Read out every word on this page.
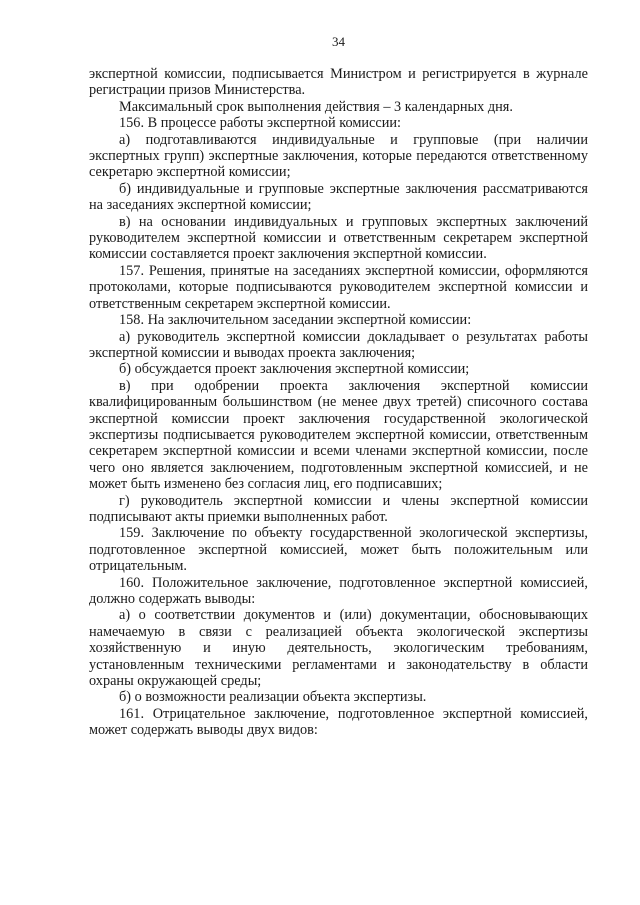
34

экспертной комиссии, подписывается Министром и регистрируется в журнале регистрации призов Министерства.

Максимальный срок выполнения действия – 3 календарных дня.

156. В процессе работы экспертной комиссии:

а) подготавливаются индивидуальные и групповые (при наличии экспертных групп) экспертные заключения, которые передаются ответственному секретарю экспертной комиссии;

б) индивидуальные и групповые экспертные заключения рассматриваются на заседаниях экспертной комиссии;

в) на основании индивидуальных и групповых экспертных заключений руководителем экспертной комиссии и ответственным секретарем экспертной комиссии составляется проект заключения экспертной комиссии.

157. Решения, принятые на заседаниях экспертной комиссии, оформляются протоколами, которые подписываются руководителем экспертной комиссии и ответственным секретарем экспертной комиссии.

158. На заключительном заседании экспертной комиссии:

а) руководитель экспертной комиссии докладывает о результатах работы экспертной комиссии и выводах проекта заключения;

б) обсуждается проект заключения экспертной комиссии;

в) при одобрении проекта заключения экспертной комиссии квалифицированным большинством (не менее двух третей) списочного состава экспертной комиссии проект заключения государственной экологической экспертизы подписывается руководителем экспертной комиссии, ответственным секретарем экспертной комиссии и всеми членами экспертной комиссии, после чего оно является заключением, подготовленным экспертной комиссией, и не может быть изменено без согласия лиц, его подписавших;

г) руководитель экспертной комиссии и члены экспертной комиссии подписывают акты приемки выполненных работ.

159. Заключение по объекту государственной экологической экспертизы, подготовленное экспертной комиссией, может быть положительным или отрицательным.

160. Положительное заключение, подготовленное экспертной комиссией, должно содержать выводы:

а) о соответствии документов и (или) документации, обосновывающих намечаемую в связи с реализацией объекта экологической экспертизы хозяйственную и иную деятельность, экологическим требованиям, установленным техническими регламентами и законодательству в области охраны окружающей среды;

б) о возможности реализации объекта экспертизы.

161. Отрицательное заключение, подготовленное экспертной комиссией, может содержать выводы двух видов:
